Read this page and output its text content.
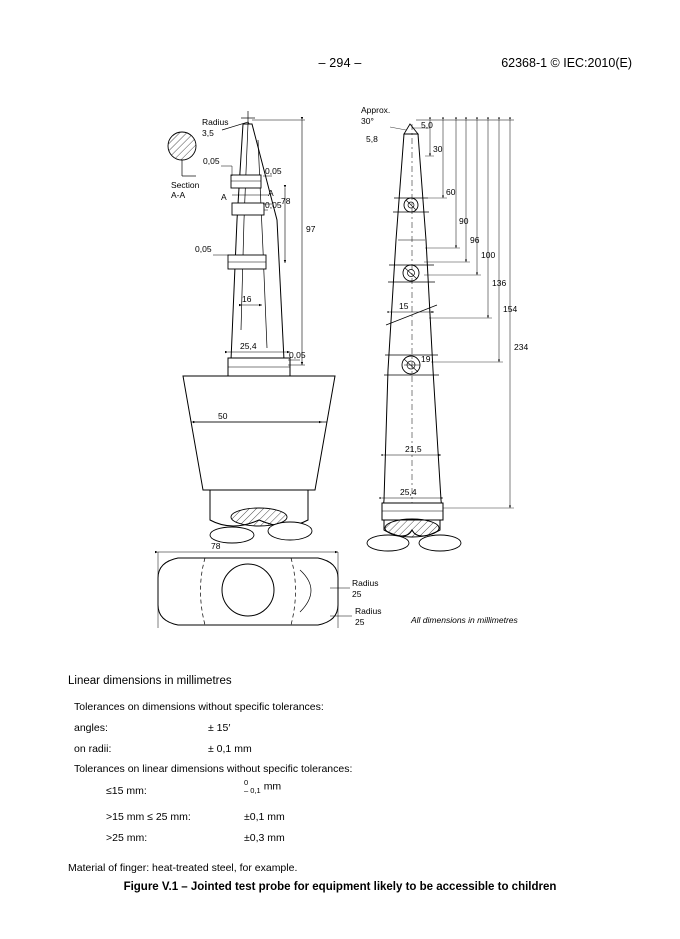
– 294 –	62368-1 © IEC:2010(E)
Radius
3,5
Section
A-A
0,05
0,05
0,05
0,05
0,05
A	A
78
97
16
25,4
50
78
Radius
25
Radius
25
Approx.
30°	5,0
5,8
30
60
90
96
100
136
154
234
15
19
21,5
25,4
All dimensions in millimetres
Linear dimensions in millimetres
Tolerances on dimensions without specific tolerances:
angles:	± 15′
on radii:	± 0,1 mm
Tolerances on linear dimensions without specific tolerances:
≤15 mm:
0
– 0,1 mm
>15 mm ≤ 25 mm:	±0,1 mm
>25 mm:	±0,3 mm
Material of finger: heat-treated steel, for example.
Figure V.1 – Jointed test probe for equipment likely to be accessible to children
